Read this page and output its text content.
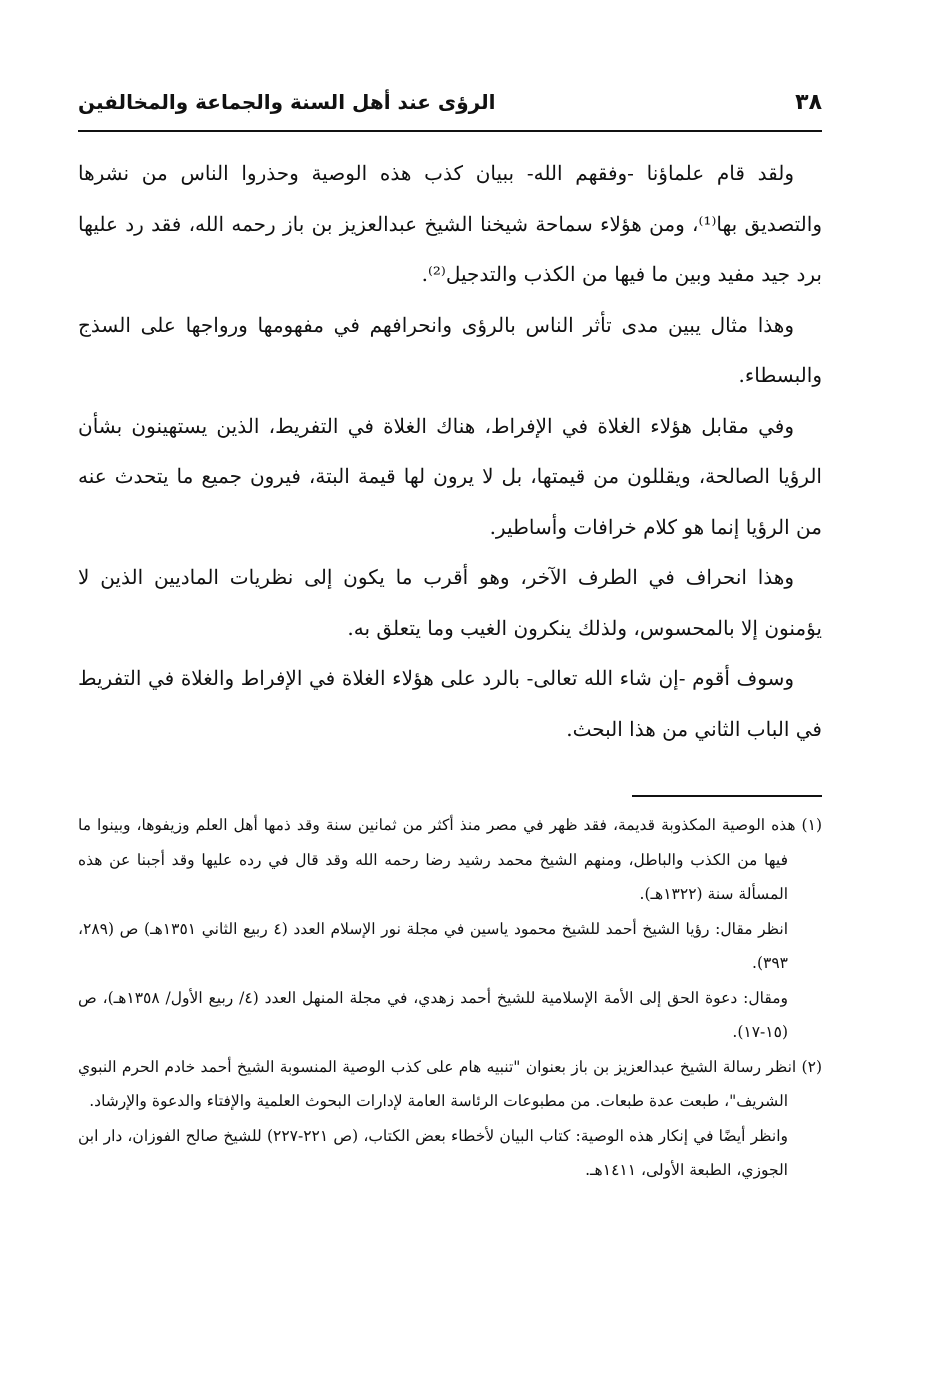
٣٨
الرؤى عند أهل السنة والجماعة والمخالفين

ولقد قام علماؤنا -وفقهم الله- ببيان كذب هذه الوصية وحذروا الناس من نشرها والتصديق بها⁽¹⁾، ومن هؤلاء سماحة شيخنا الشيخ عبدالعزيز بن باز رحمه الله، فقد رد عليها برد جيد مفيد وبين ما فيها من الكذب والتدجيل⁽²⁾.

وهذا مثال يبين مدى تأثر الناس بالرؤى وانحرافهم في مفهومها ورواجها على السذج والبسطاء.

وفي مقابل هؤلاء الغلاة في الإفراط، هناك الغلاة في التفريط، الذين يستهينون بشأن الرؤيا الصالحة، ويقللون من قيمتها، بل لا يرون لها قيمة البتة، فيرون جميع ما يتحدث عنه من الرؤيا إنما هو كلام خرافات وأساطير.

وهذا انحراف في الطرف الآخر، وهو أقرب ما يكون إلى نظريات الماديين الذين لا يؤمنون إلا بالمحسوس، ولذلك ينكرون الغيب وما يتعلق به.

وسوف أقوم -إن شاء الله تعالى- بالرد على هؤلاء الغلاة في الإفراط والغلاة في التفريط في الباب الثاني من هذا البحث.

(١) هذه الوصية المكذوبة قديمة، فقد ظهر في مصر منذ أكثر من ثمانين سنة وقد ذمها أهل العلم وزيفوها، وبينوا ما فيها من الكذب والباطل، ومنهم الشيخ محمد رشيد رضا رحمه الله وقد قال في رده عليها وقد أجبنا عن هذه المسألة سنة (١٣٢٢هـ).

انظر مقال: رؤيا الشيخ أحمد للشيخ محمود ياسين في مجلة نور الإسلام العدد (٤ ربيع الثاني ١٣٥١هـ) ص (٢٨٩، ٣٩٣).

ومقال: دعوة الحق إلى الأمة الإسلامية للشيخ أحمد زهدي، في مجلة المنهل العدد (٤/ ربيع الأول/ ١٣٥٨هـ)، ص (١٥-١٧).

(٢) انظر رسالة الشيخ عبدالعزيز بن باز بعنوان "تنبيه هام على كذب الوصية المنسوبة الشيخ أحمد خادم الحرم النبوي الشريف"، طبعت عدة طبعات. من مطبوعات الرئاسة العامة لإدارات البحوث العلمية والإفتاء والدعوة والإرشاد.

وانظر أيضًا في إنكار هذه الوصية: كتاب البيان لأخطاء بعض الكتاب، (ص ٢٢١-٢٢٧) للشيخ صالح الفوزان، دار ابن الجوزي، الطبعة الأولى، ١٤١١هـ.
